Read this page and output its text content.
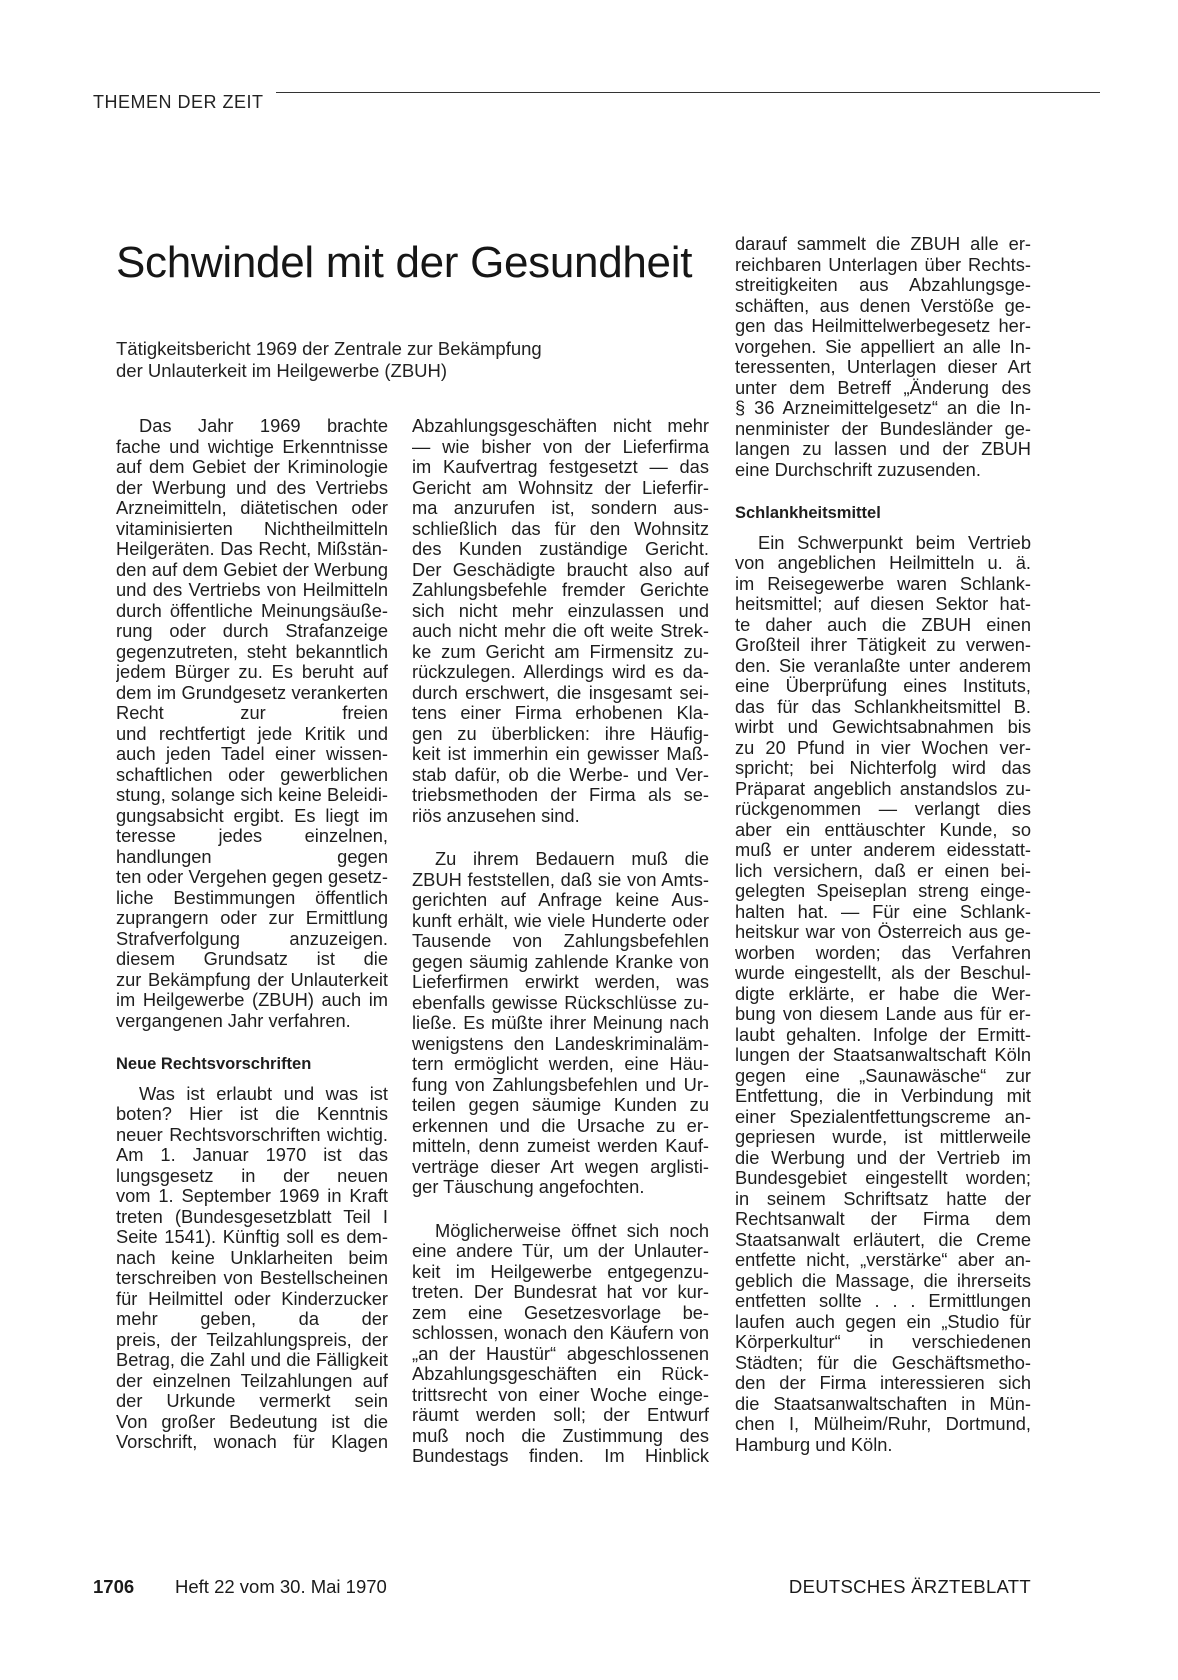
THEMEN DER ZEIT
Schwindel mit der Gesundheit
Tätigkeitsbericht 1969 der Zentrale zur Bekämpfung
der Unlauterkeit im Heilgewerbe (ZBUH)
Das Jahr 1969 brachte
fache und wichtige Erkenntnisse
auf dem Gebiet der Kriminologie
der Werbung und des Vertriebs
Arzneimitteln, diätetischen oder
vitaminisierten Nichtheilmitteln
Heilgeräten. Das Recht, Mißstän-
den auf dem Gebiet der Werbung
und des Vertriebs von Heilmitteln
durch öffentliche Meinungsäuße-
rung oder durch Strafanzeige
gegenzutreten, steht bekanntlich
jedem Bürger zu. Es beruht auf
dem im Grundgesetz verankerten
Recht zur freien
und rechtfertigt jede Kritik und
auch jeden Tadel einer wissen-
schaftlichen oder gewerblichen
stung, solange sich keine Beleidi-
gungsabsicht ergibt. Es liegt im
teresse jedes einzelnen,
handlungen gegen
ten oder Vergehen gegen gesetz-
liche Bestimmungen öffentlich
zuprangern oder zur Ermittlung
Strafverfolgung anzuzeigen.
diesem Grundsatz ist die
zur Bekämpfung der Unlauterkeit
im Heilgewerbe (ZBUH) auch im
vergangenen Jahr verfahren.
Neue Rechtsvorschriften
Was ist erlaubt und was ist
boten? Hier ist die Kenntnis
neuer Rechtsvorschriften wichtig.
Am 1. Januar 1970 ist das
lungsgesetz in der neuen
vom 1. September 1969 in Kraft
treten (Bundesgesetzblatt Teil I
Seite 1541). Künftig soll es dem-
nach keine Unklarheiten beim
terschreiben von Bestellscheinen
für Heilmittel oder Kinderzucker
mehr geben, da der
preis, der Teilzahlungspreis, der
Betrag, die Zahl und die Fälligkeit
der einzelnen Teilzahlungen auf
der Urkunde vermerkt sein
Von großer Bedeutung ist die
Vorschrift, wonach für Klagen
Abzahlungsgeschäften nicht mehr
— wie bisher von der Lieferfirma
im Kaufvertrag festgesetzt — das
Gericht am Wohnsitz der Lieferfir-
ma anzurufen ist, sondern aus-
schließlich das für den Wohnsitz
des Kunden zuständige Gericht.
Der Geschädigte braucht also auf
Zahlungsbefehle fremder Gerichte
sich nicht mehr einzulassen und
auch nicht mehr die oft weite Strek-
ke zum Gericht am Firmensitz zu-
rückzulegen. Allerdings wird es da-
durch erschwert, die insgesamt sei-
tens einer Firma erhobenen Kla-
gen zu überblicken: ihre Häufig-
keit ist immerhin ein gewisser Maß-
stab dafür, ob die Werbe- und Ver-
triebsmethoden der Firma als se-
riös anzusehen sind.
Zu ihrem Bedauern muß die
ZBUH feststellen, daß sie von Amts-
gerichten auf Anfrage keine Aus-
kunft erhält, wie viele Hunderte oder
Tausende von Zahlungsbefehlen
gegen säumig zahlende Kranke von
Lieferfirmen erwirkt werden, was
ebenfalls gewisse Rückschlüsse zu-
ließe. Es müßte ihrer Meinung nach
wenigstens den Landeskriminaläm-
tern ermöglicht werden, eine Häu-
fung von Zahlungsbefehlen und Ur-
teilen gegen säumige Kunden zu
erkennen und die Ursache zu er-
mitteln, denn zumeist werden Kauf-
verträge dieser Art wegen arglisti-
ger Täuschung angefochten.
Möglicherweise öffnet sich noch
eine andere Tür, um der Unlauter-
keit im Heilgewerbe entgegenzu-
treten. Der Bundesrat hat vor kur-
zem eine Gesetzesvorlage be-
schlossen, wonach den Käufern von
„an der Haustür“ abgeschlossenen
Abzahlungsgeschäften ein Rück-
trittsrecht von einer Woche einge-
räumt werden soll; der Entwurf
muß noch die Zustimmung des
Bundestags finden. Im Hinblick
darauf sammelt die ZBUH alle er-
reichbaren Unterlagen über Rechts-
streitigkeiten aus Abzahlungsge-
schäften, aus denen Verstöße ge-
gen das Heilmittelwerbegesetz her-
vorgehen. Sie appelliert an alle In-
teressenten, Unterlagen dieser Art
unter dem Betreff „Änderung des
§ 36 Arzneimittelgesetz“ an die In-
nenminister der Bundesländer ge-
langen zu lassen und der ZBUH
eine Durchschrift zuzusenden.
Schlankheitsmittel
Ein Schwerpunkt beim Vertrieb
von angeblichen Heilmitteln u. ä.
im Reisegewerbe waren Schlank-
heitsmittel; auf diesen Sektor hat-
te daher auch die ZBUH einen
Großteil ihrer Tätigkeit zu verwen-
den. Sie veranlaßte unter anderem
eine Überprüfung eines Instituts,
das für das Schlankheitsmittel B.
wirbt und Gewichtsabnahmen bis
zu 20 Pfund in vier Wochen ver-
spricht; bei Nichterfolg wird das
Präparat angeblich anstandslos zu-
rückgenommen — verlangt dies
aber ein enttäuschter Kunde, so
muß er unter anderem eidesstatt-
lich versichern, daß er einen bei-
gelegten Speiseplan streng einge-
halten hat. — Für eine Schlank-
heitskur war von Österreich aus ge-
worben worden; das Verfahren
wurde eingestellt, als der Beschul-
digte erklärte, er habe die Wer-
bung von diesem Lande aus für er-
laubt gehalten. Infolge der Ermitt-
lungen der Staatsanwaltschaft Köln
gegen eine „Saunawäsche“ zur
Entfettung, die in Verbindung mit
einer Spezialentfettungscreme an-
gepriesen wurde, ist mittlerweile
die Werbung und der Vertrieb im
Bundesgebiet eingestellt worden;
in seinem Schriftsatz hatte der
Rechtsanwalt der Firma dem
Staatsanwalt erläutert, die Creme
entfette nicht, „verstärke“ aber an-
geblich die Massage, die ihrerseits
entfetten sollte . . . Ermittlungen
laufen auch gegen ein „Studio für
Körperkultur“ in verschiedenen
Städten; für die Geschäftsmetho-
den der Firma interessieren sich
die Staatsanwaltschaften in Mün-
chen I, Mülheim/Ruhr, Dortmund,
Hamburg und Köln.
1706 Heft 22 vom 30. Mai 1970	DEUTSCHES ÄRZTEBLATT
